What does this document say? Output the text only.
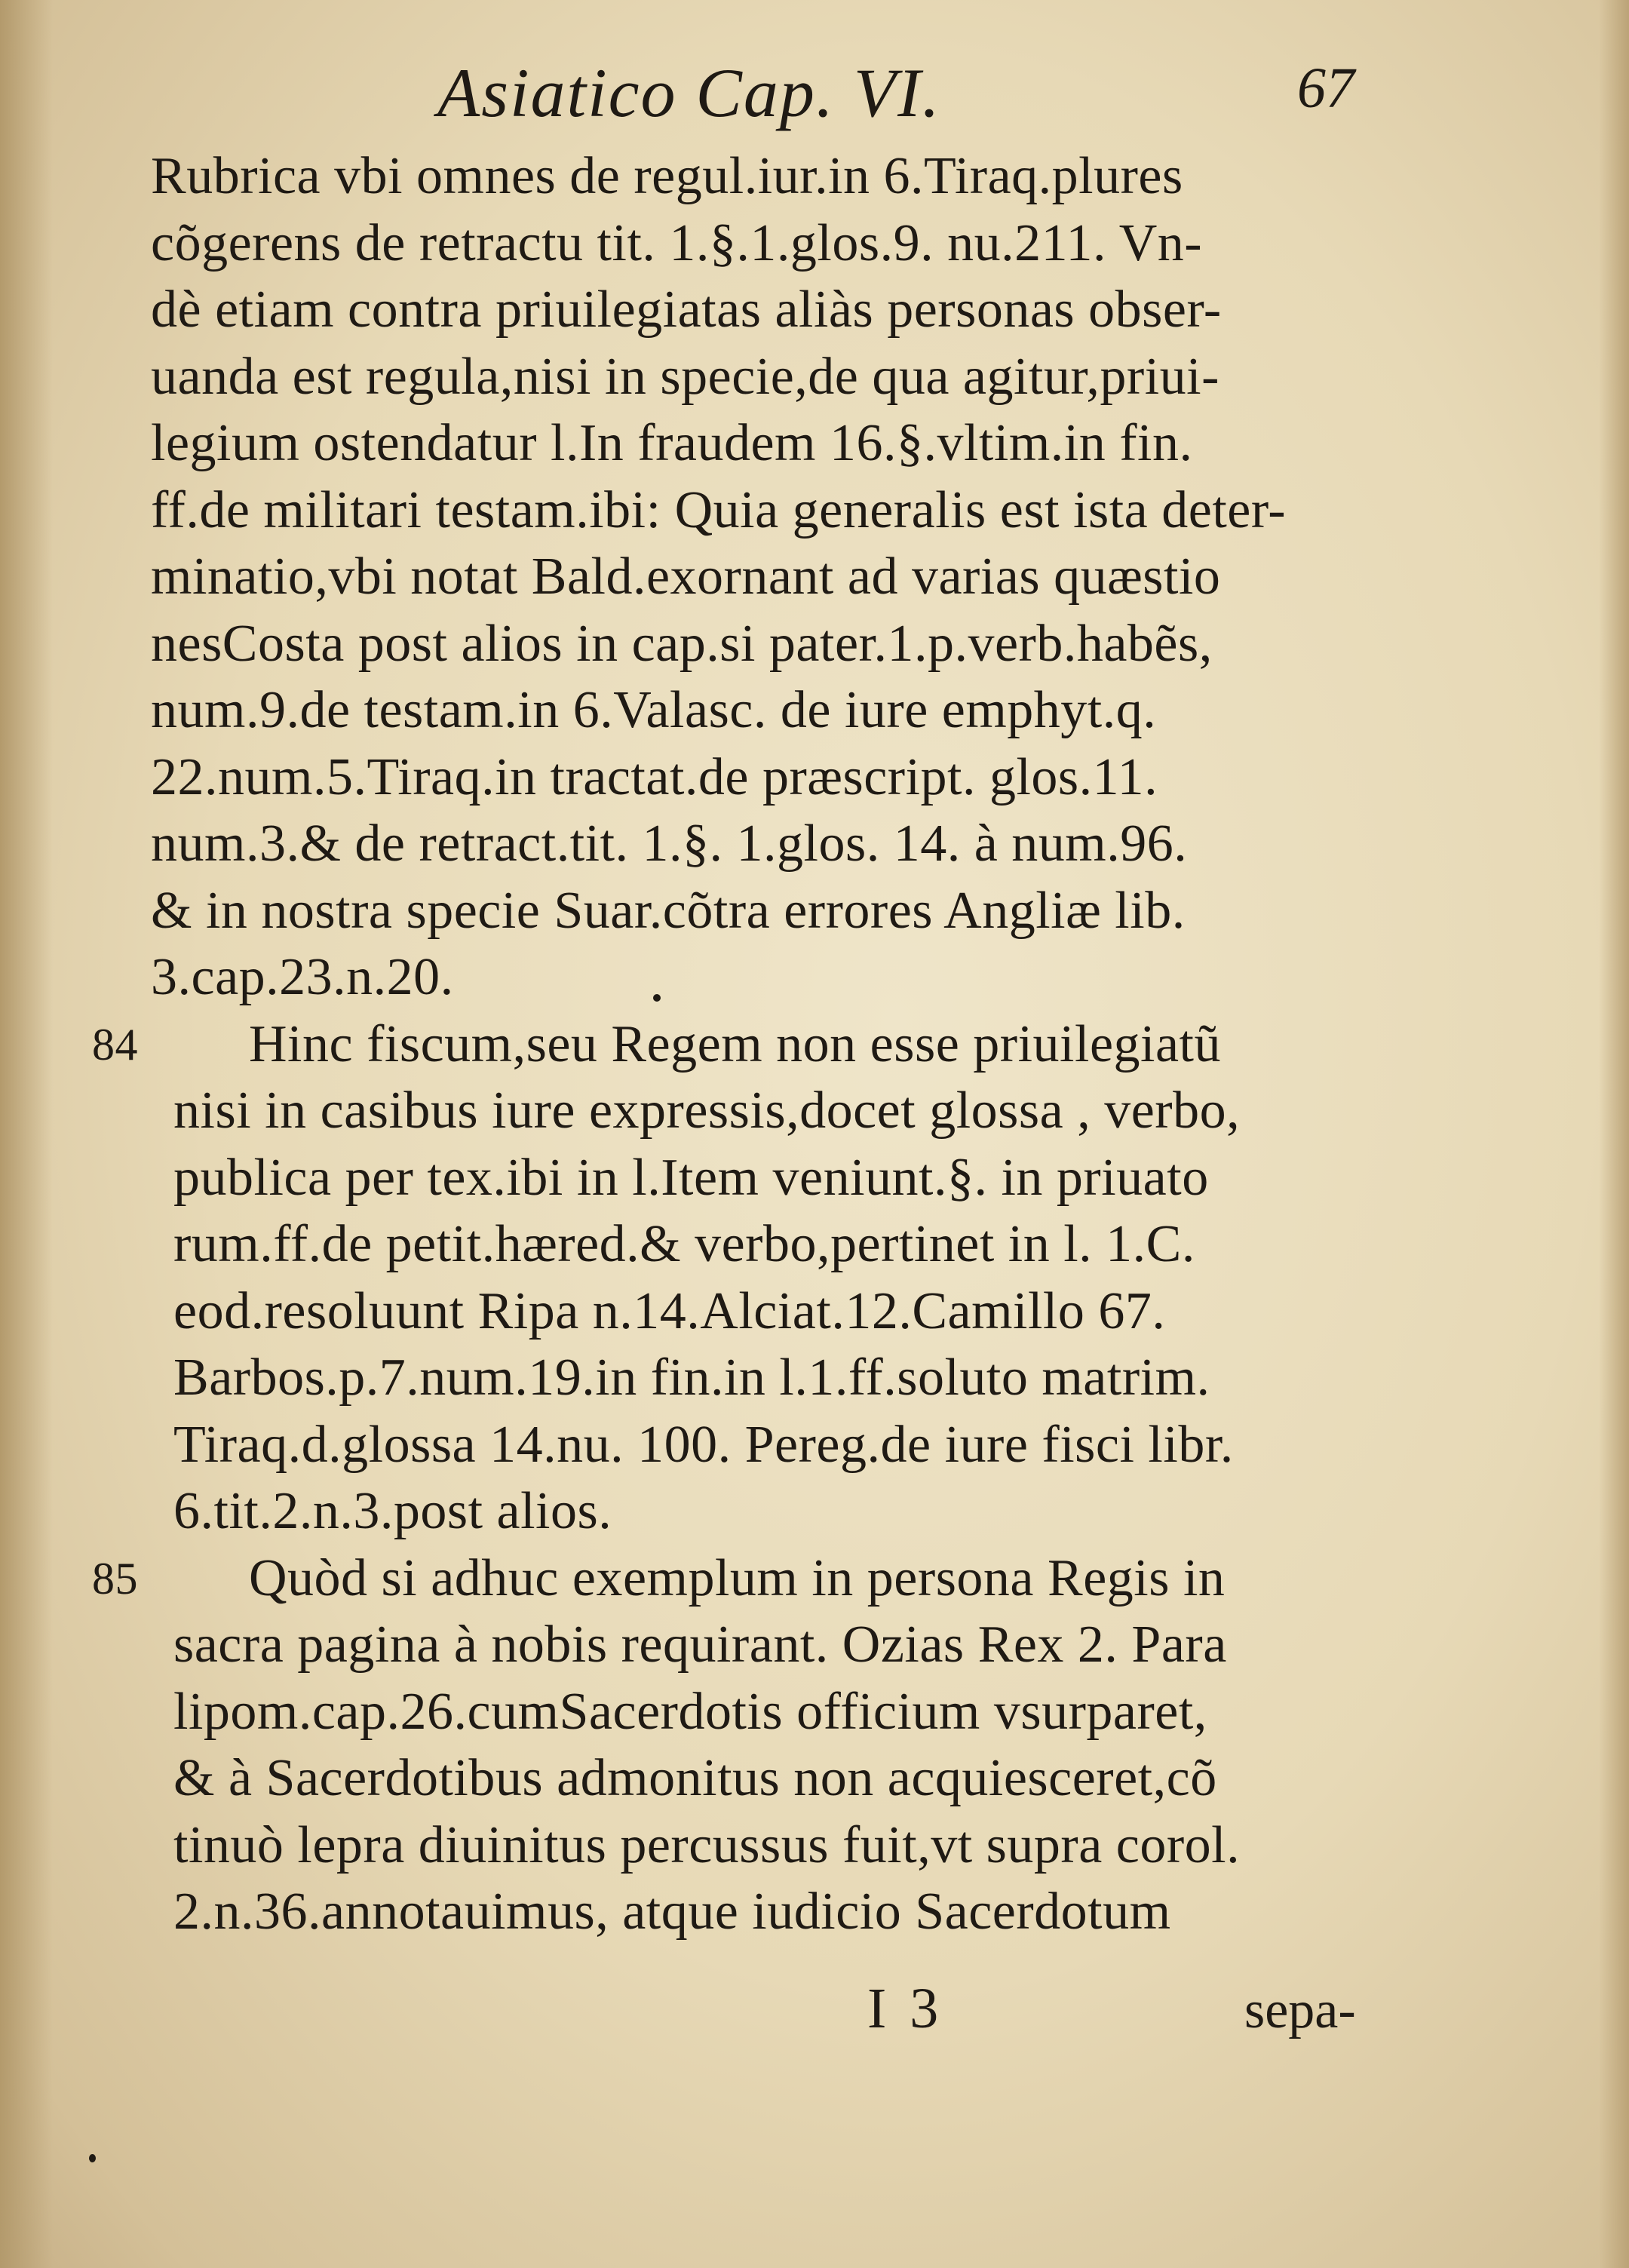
Asiatico Cap. VI.	67
Rubrica vbi omnes de regul.iur.in 6.Tiraq.plures
cõgerens de retractu tit. 1.§.1.glos.9. nu.211. Vn-
dè etiam contra priuilegiatas aliàs personas obser-
uanda est regula,nisi in specie,de qua agitur,priui-
legium ostendatur l.In fraudem 16.§.vltim.in fin.
ff.de militari testam.ibi: Quia generalis est ista deter-
minatio,vbi notat Bald.exornant ad varias quæstio
nesCosta post alios in cap.si pater.1.p.verb.habẽs,
num.9.de testam.in 6.Valasc. de iure emphyt.q.
22.num.5.Tiraq.in tractat.de præscript. glos.11.
num.3.& de retract.tit. 1.§. 1.glos. 14. à num.96.
& in nostra specie Suar.cõtra errores Angliæ lib.
3.cap.23.n.20.
Hinc fiscum,seu Regem non esse priuilegiatũ
84
nisi in casibus iure expressis,docet glossa , verbo,
publica per tex.ibi in l.Item veniunt.§. in priuato
rum.ff.de petit.hæred.& verbo,pertinet in l. 1.C.
eod.resoluunt Ripa n.14.Alciat.12.Camillo 67.
Barbos.p.7.num.19.in fin.in l.1.ff.soluto matrim.
Tiraq.d.glossa 14.nu. 100. Pereg.de iure fisci libr.
6.tit.2.n.3.post alios.
Quòd si adhuc exemplum in persona Regis in
85
sacra pagina à nobis requirant. Ozias Rex 2. Para
lipom.cap.26.cumSacerdotis officium vsurparet,
& à Sacerdotibus admonitus non acquiesceret,cõ
tinuò lepra diuinitus percussus fuit,vt supra corol.
2.n.36.annotauimus, atque iudicio Sacerdotum
I 3	sepa-
